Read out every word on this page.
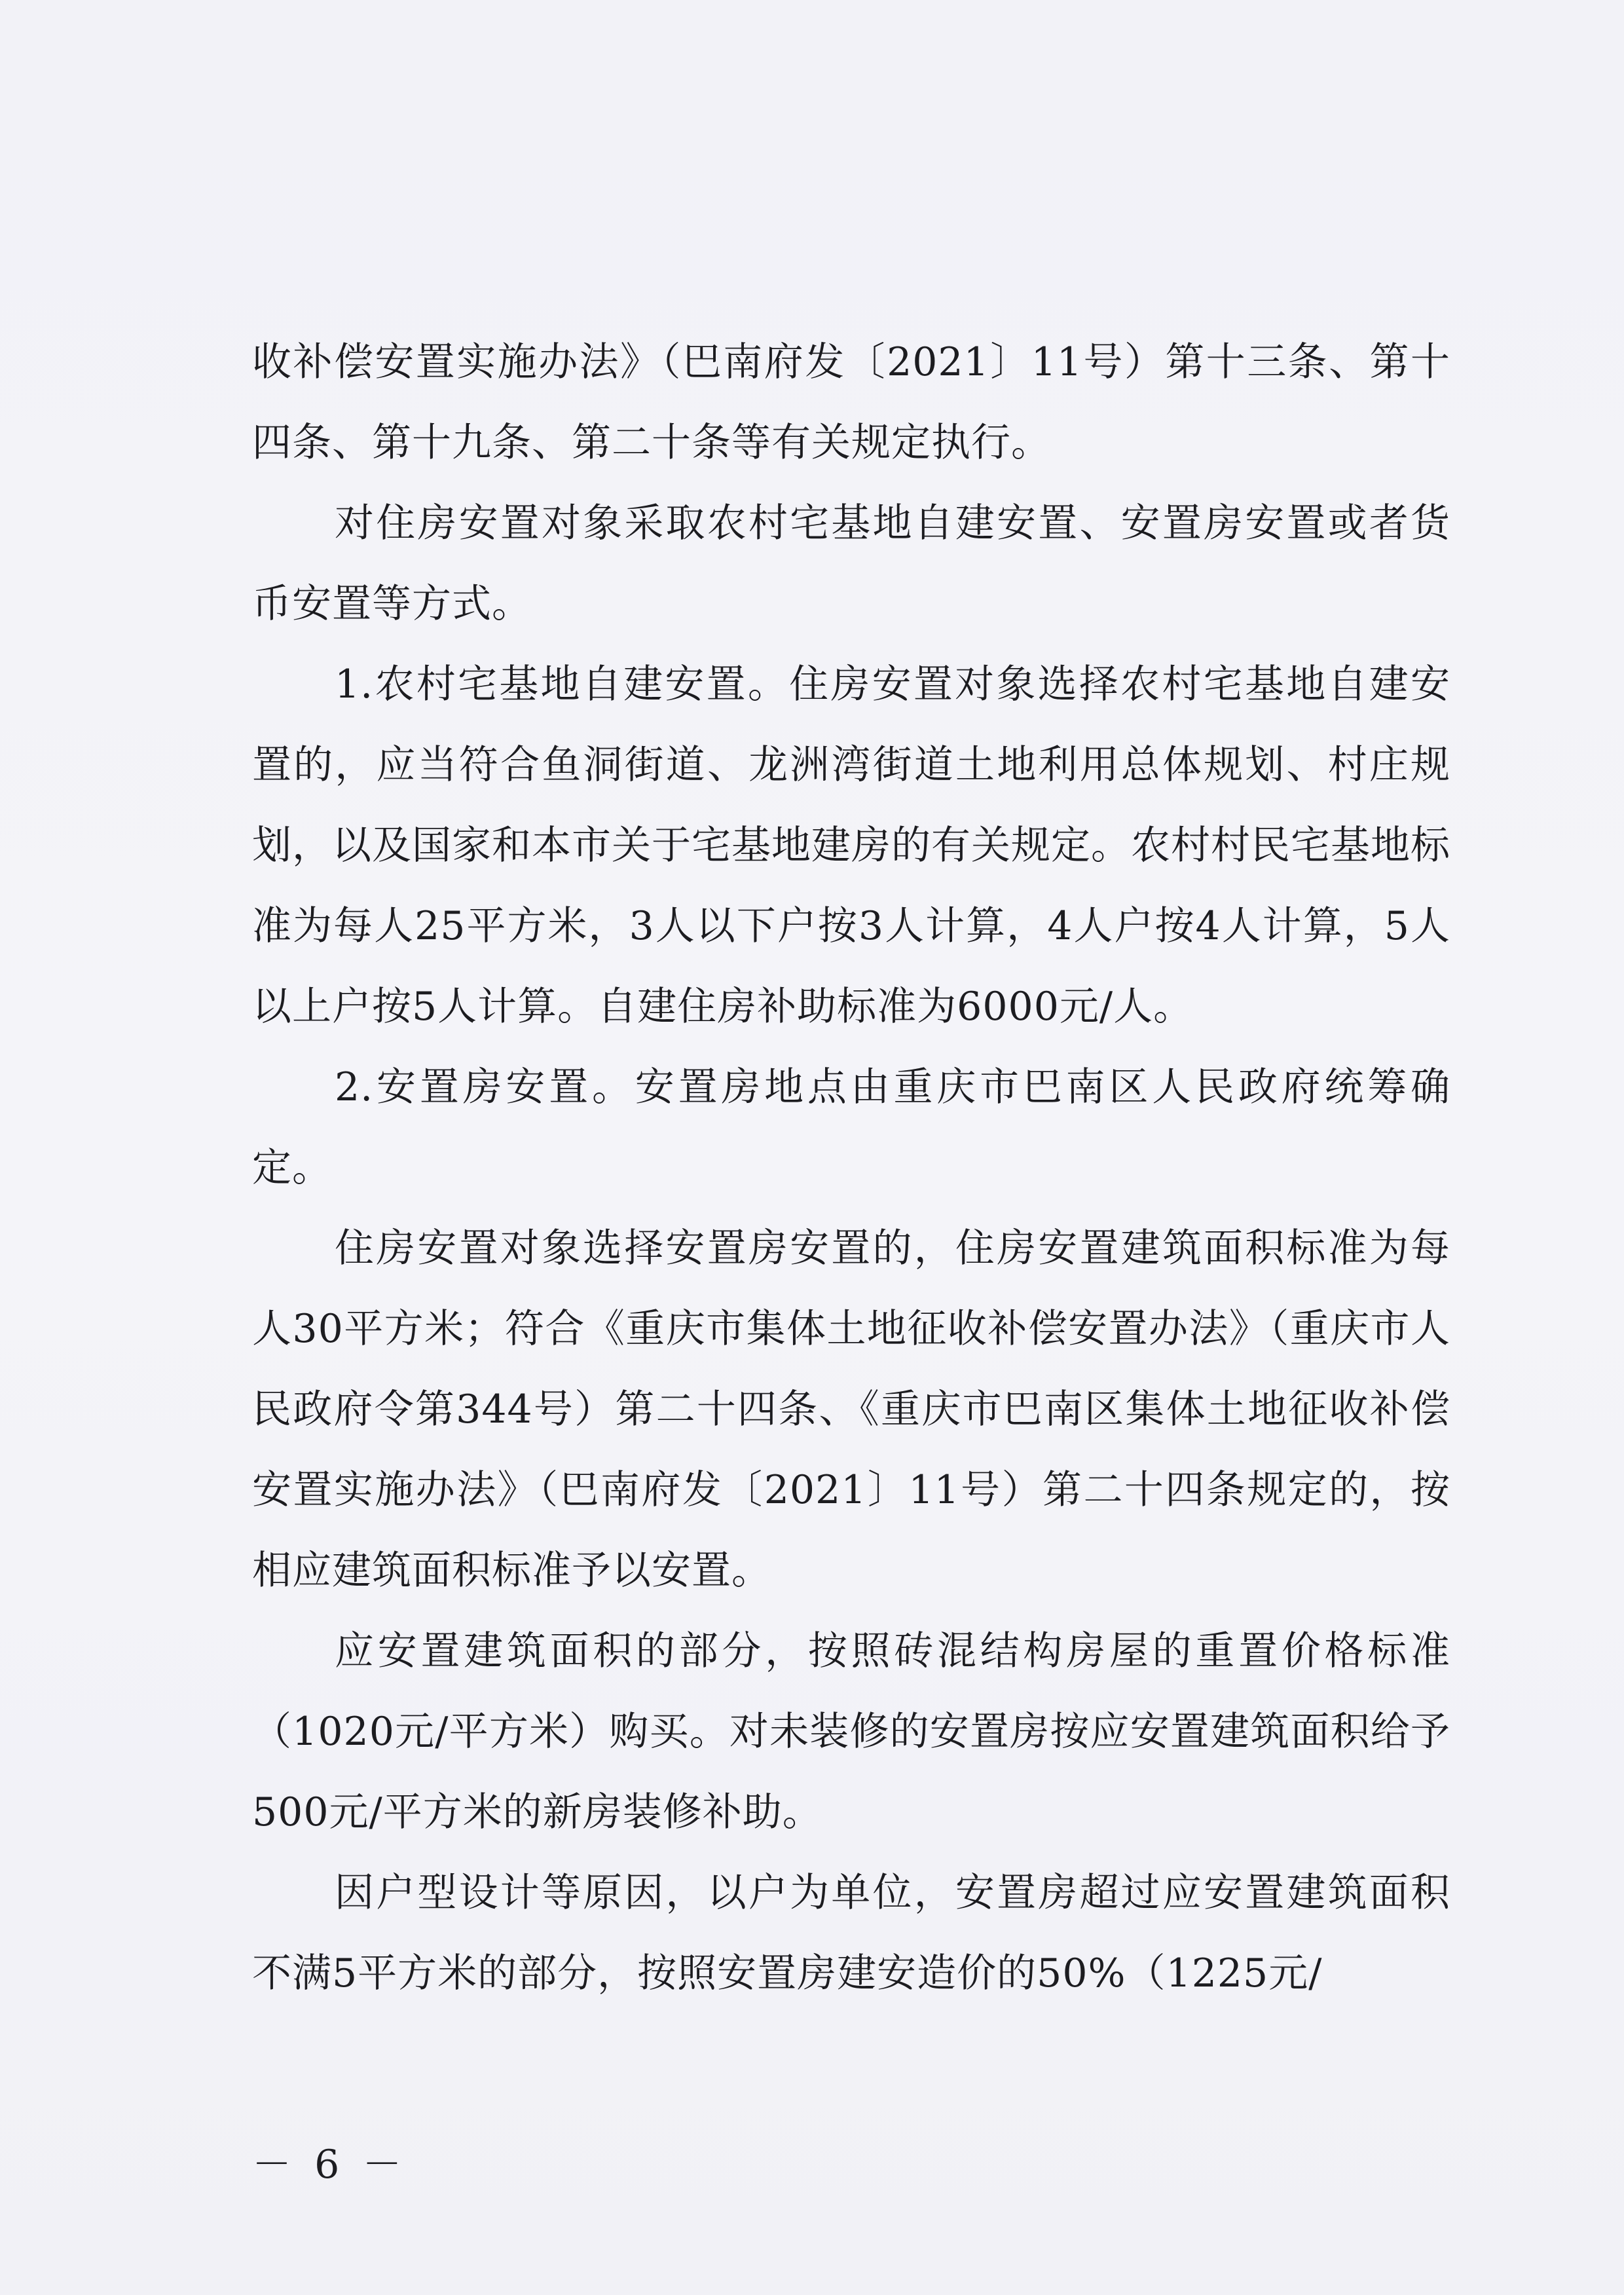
收补偿安置实施办法》（巴南府发〔2021〕11号）第十三条、第十四条、第十九条、第二十条等有关规定执行。

对住房安置对象采取农村宅基地自建安置、安置房安置或者货币安置等方式。

1.农村宅基地自建安置。住房安置对象选择农村宅基地自建安置的，应当符合鱼洞街道、龙洲湾街道土地利用总体规划、村庄规划，以及国家和本市关于宅基地建房的有关规定。农村村民宅基地标准为每人25平方米，3人以下户按3人计算，4人户按4人计算，5人以上户按5人计算。自建住房补助标准为6000元/人。

2.安置房安置。安置房地点由重庆市巴南区人民政府统筹确定。

住房安置对象选择安置房安置的，住房安置建筑面积标准为每人30平方米；符合《重庆市集体土地征收补偿安置办法》（重庆市人民政府令第344号）第二十四条、《重庆市巴南区集体土地征收补偿安置实施办法》（巴南府发〔2021〕11号）第二十四条规定的，按相应建筑面积标准予以安置。

应安置建筑面积的部分，按照砖混结构房屋的重置价格标准（1020元/平方米）购买。对未装修的安置房按应安置建筑面积给予500元/平方米的新房装修补助。

因户型设计等原因，以户为单位，安置房超过应安置建筑面积不满5平方米的部分，按照安置房建安造价的50%（1225元/

－ 6 －
